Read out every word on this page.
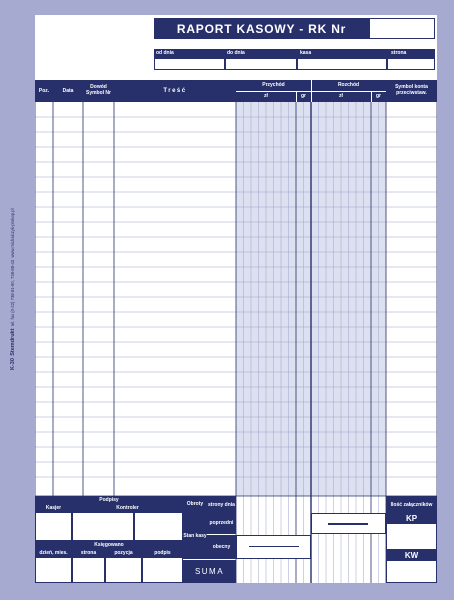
RAPORT KASOWY - RK Nr
od dnia	do dnia	kasa	strona
Poz.	Data
Dowód Symbol Nr	Treść
Przychód	Rozchód
zł	gr	zł	gr
Symbol konta przeciwstaw.
Podpisy
Kasjer	Kontroler
Księgowano
dzień, mies.	strona	pozycja	podpis
Obroty strony dnia
Stan kasy
poprzedni
obecny
SUMA
Ilość załączników
KP
KW
K-30  Stemdrukt  tel. fax (0-22) 738-81-90, 738-88-43  www.michalczyk-prokop.pl
